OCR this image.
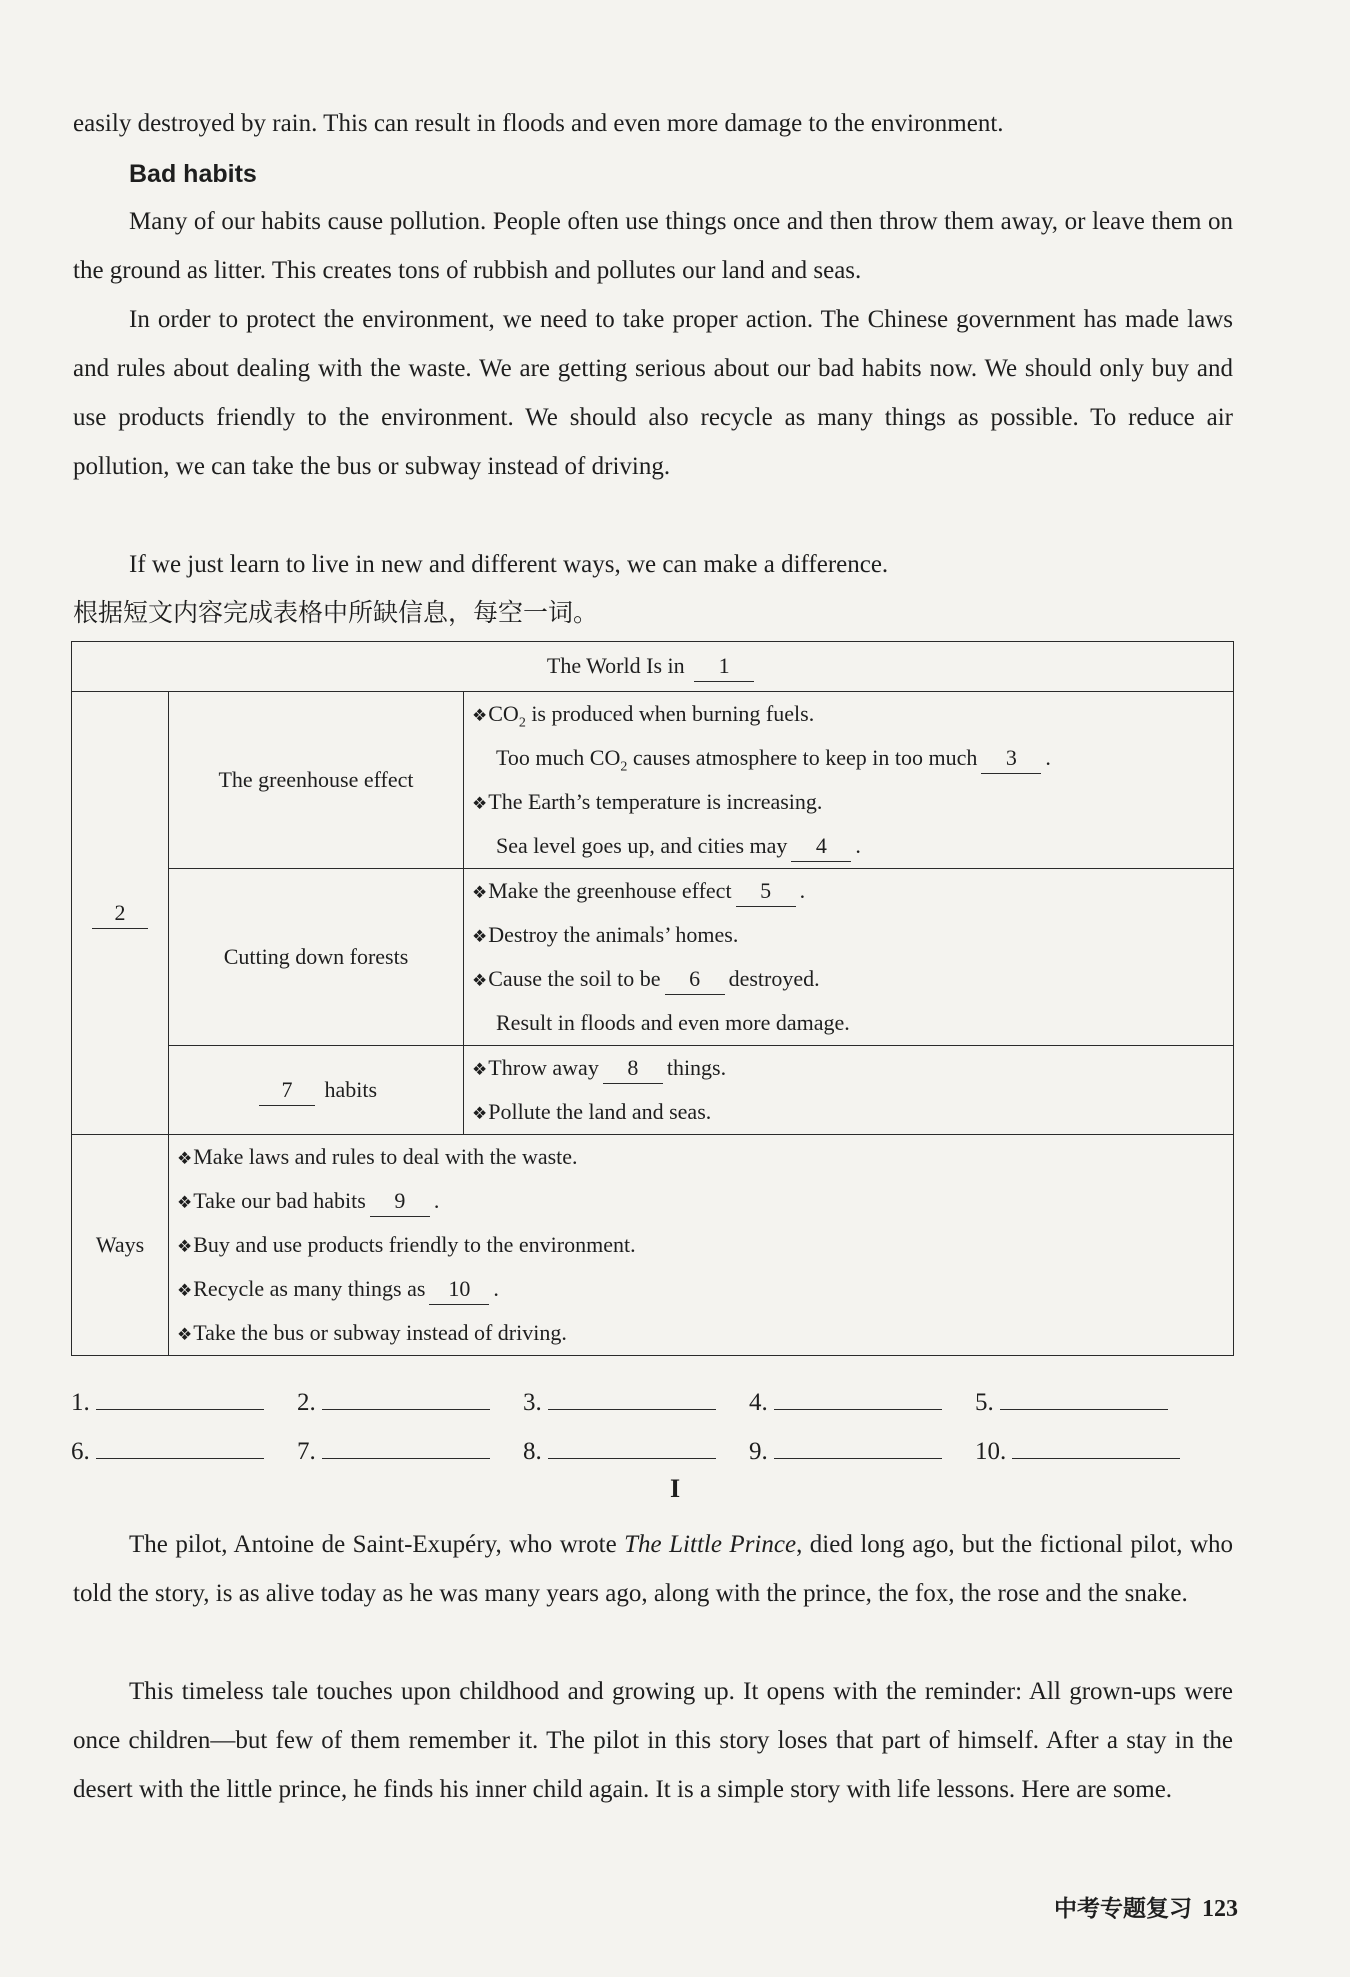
easily destroyed by rain. This can result in floods and even more damage to the environment.

Bad habits

Many of our habits cause pollution. People often use things once and then throw them away, or leave them on the ground as litter. This creates tons of rubbish and pollutes our land and seas.

In order to protect the environment, we need to take proper action. The Chinese government has made laws and rules about dealing with the waste. We are getting serious about our bad habits now. We should only buy and use products friendly to the environment. We should also recycle as many things as possible. To reduce air pollution, we can take the bus or subway instead of driving.

If we just learn to live in new and different ways, we can make a difference.

根据短文内容完成表格中所缺信息，每空一词。

The World Is in 1		
2	The greenhouse effect	❖ $CO_2$ is produced when burning fuels.
Too much $CO_2$ causes atmosphere to keep in too much 3 .
❖ The Earth’s temperature is increasing.
Sea level goes up, and cities may 4 .

	Cutting down forests	❖ Make the greenhouse effect 5 .
❖ Destroy the animals’ homes.
❖ Cause the soil to be 6 destroyed.
Result in floods and even more damage.

	7 habits	❖ Throw away 8 things.
❖ Pollute the land and seas.

Ways	❖ Make laws and rules to deal with the waste.
❖ Take our bad habits 9 .
❖ Buy and use products friendly to the environment.
❖ Recycle as many things as 10 .
❖ Take the bus or subway instead of driving.	
1.	2.	3.	4.	5.
6.	7.	8.	9.	10.

I

The pilot, Antoine de Saint-Exupéry, who wrote The Little Prince, died long ago, but the fictional pilot, who told the story, is as alive today as he was many years ago, along with the prince, the fox, the rose and the snake.

This timeless tale touches upon childhood and growing up. It opens with the reminder: All grown-ups were once children—but few of them remember it. The pilot in this story loses that part of himself. After a stay in the desert with the little prince, he finds his inner child again. It is a simple story with life lessons. Here are some.

中考专题复习 123
